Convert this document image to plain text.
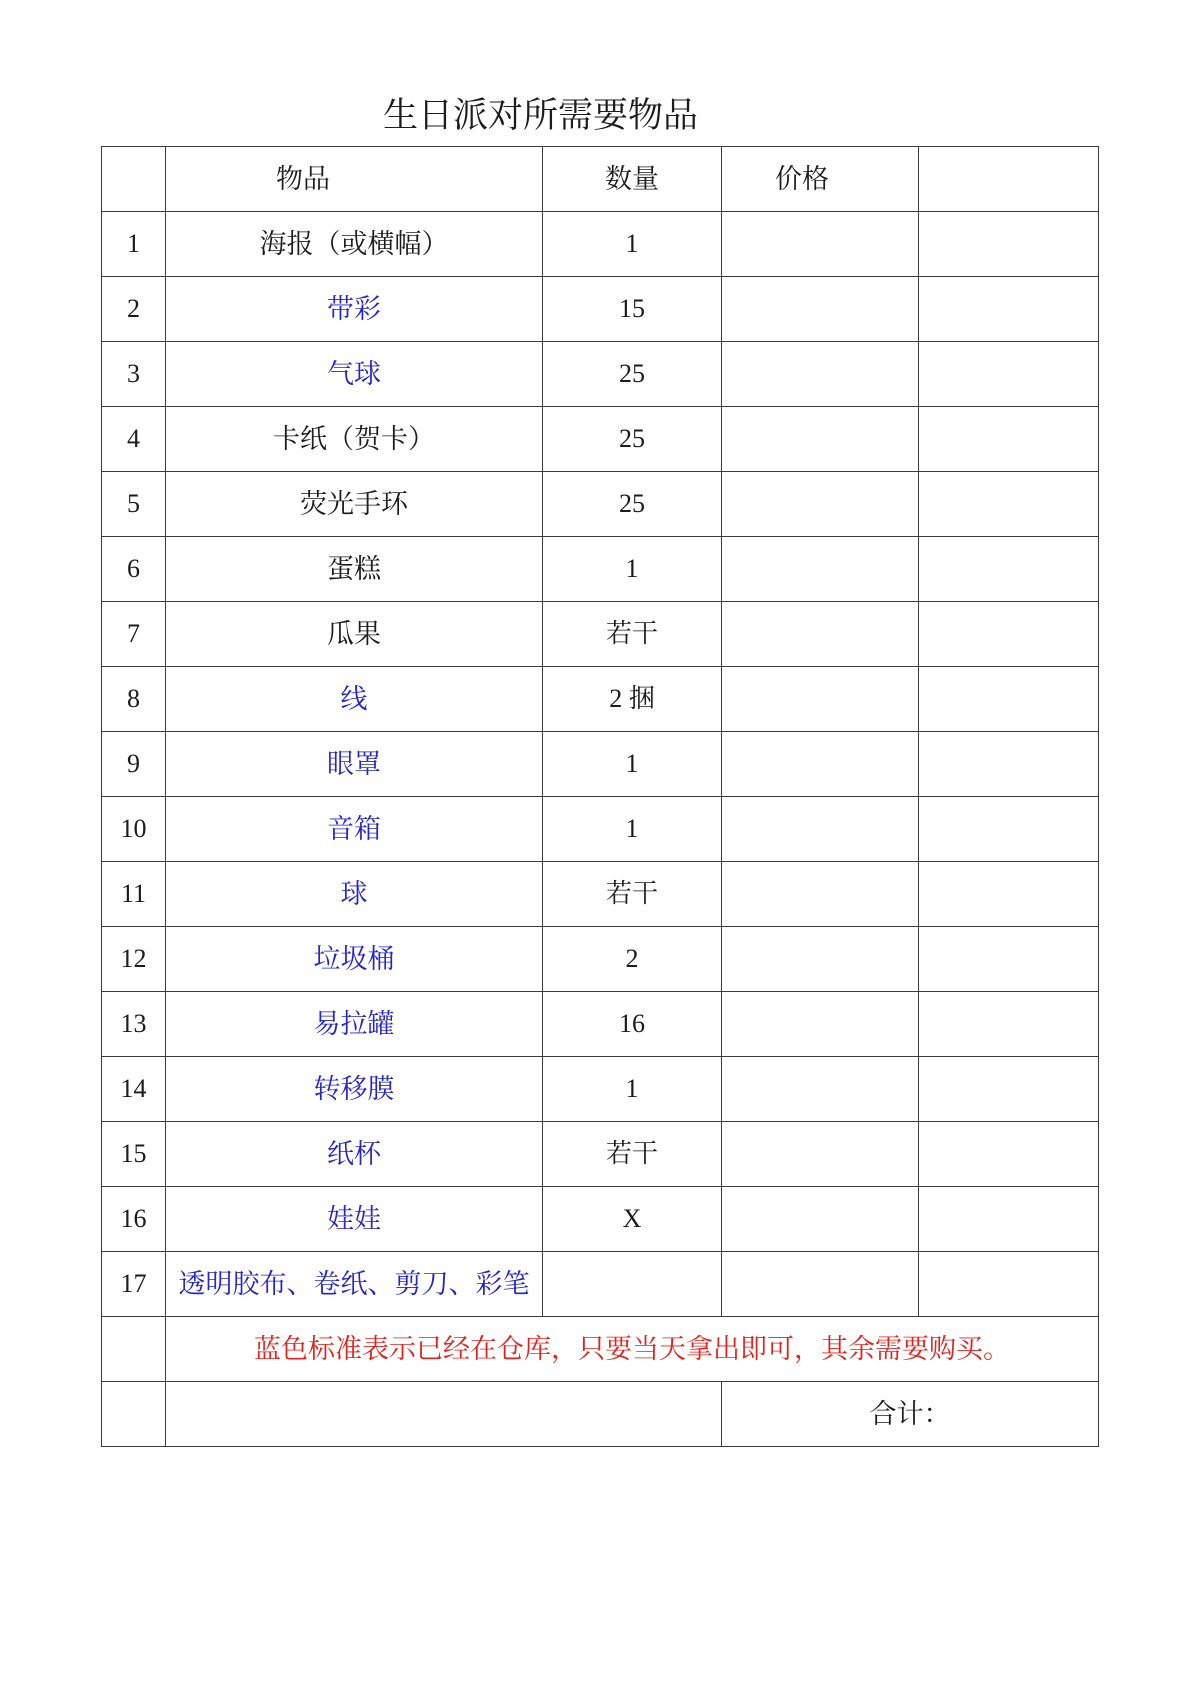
生日派对所需要物品
	物品	数量	价格	
1	海报（或横幅）	1		
2	带彩	15		
3	气球	25		
4	卡纸（贺卡）	25		
5	荧光手环	25		
6	蛋糕	1		
7	瓜果	若干		
8	线	2 捆		
9	眼罩	1		
10	音箱	1		
11	球	若干		
12	垃圾桶	2		
13	易拉罐	16		
14	转移膜	1		
15	纸杯	若干		
16	娃娃	X		
17	透明胶布、卷纸、剪刀、彩笔			
	蓝色标准表示已经在仓库，只要当天拿出即可，其余需要购买。			
			合计：	
